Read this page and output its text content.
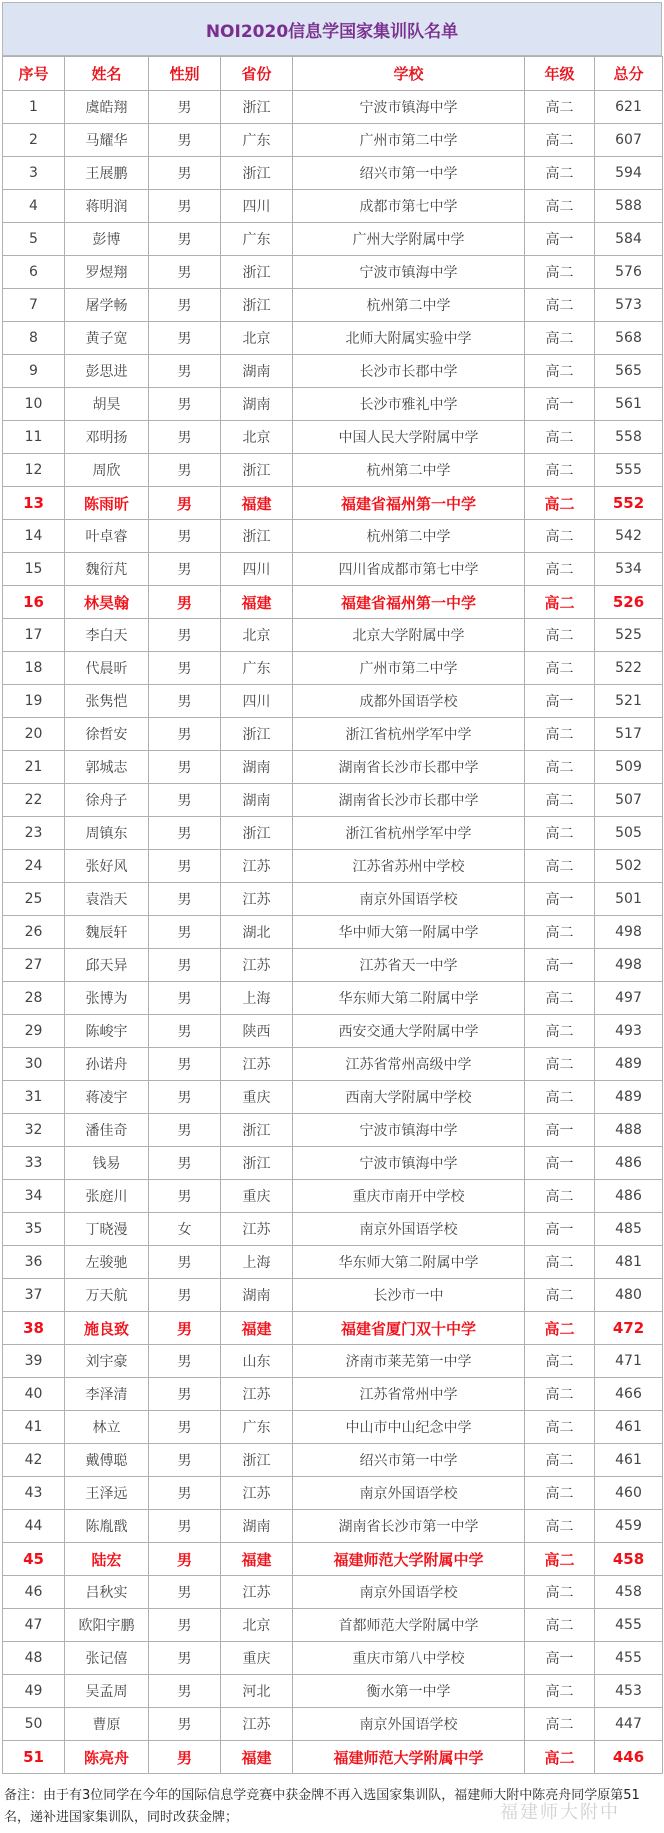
NOI2020信息学国家集训队名单
序号	姓名	性别	省份	学校	年级	总分
1	虞皓翔	男	浙江	宁波市镇海中学	高二	621
2	马耀华	男	广东	广州市第二中学	高二	607
3	王展鹏	男	浙江	绍兴市第一中学	高二	594
4	蒋明润	男	四川	成都市第七中学	高二	588
5	彭博	男	广东	广州大学附属中学	高一	584
6	罗煜翔	男	浙江	宁波市镇海中学	高二	576
7	屠学畅	男	浙江	杭州第二中学	高二	573
8	黄子宽	男	北京	北师大附属实验中学	高二	568
9	彭思进	男	湖南	长沙市长郡中学	高二	565
10	胡昊	男	湖南	长沙市雅礼中学	高一	561
11	邓明扬	男	北京	中国人民大学附属中学	高二	558
12	周欣	男	浙江	杭州第二中学	高二	555
13	陈雨昕	男	福建	福建省福州第一中学	高二	552
14	叶卓睿	男	浙江	杭州第二中学	高二	542
15	魏衍芃	男	四川	四川省成都市第七中学	高二	534
16	林昊翰	男	福建	福建省福州第一中学	高二	526
17	李白天	男	北京	北京大学附属中学	高二	525
18	代晨昕	男	广东	广州市第二中学	高二	522
19	张隽恺	男	四川	成都外国语学校	高一	521
20	徐哲安	男	浙江	浙江省杭州学军中学	高二	517
21	郭城志	男	湖南	湖南省长沙市长郡中学	高二	509
22	徐舟子	男	湖南	湖南省长沙市长郡中学	高二	507
23	周镇东	男	浙江	浙江省杭州学军中学	高二	505
24	张好风	男	江苏	江苏省苏州中学校	高二	502
25	袁浩天	男	江苏	南京外国语学校	高一	501
26	魏辰轩	男	湖北	华中师大第一附属中学	高二	498
27	邱天异	男	江苏	江苏省天一中学	高一	498
28	张博为	男	上海	华东师大第二附属中学	高二	497
29	陈峻宇	男	陕西	西安交通大学附属中学	高二	493
30	孙诺舟	男	江苏	江苏省常州高级中学	高二	489
31	蒋凌宇	男	重庆	西南大学附属中学校	高二	489
32	潘佳奇	男	浙江	宁波市镇海中学	高一	488
33	钱易	男	浙江	宁波市镇海中学	高一	486
34	张庭川	男	重庆	重庆市南开中学校	高二	486
35	丁晓漫	女	江苏	南京外国语学校	高一	485
36	左骏驰	男	上海	华东师大第二附属中学	高二	481
37	万天航	男	湖南	长沙市一中	高二	480
38	施良致	男	福建	福建省厦门双十中学	高二	472
39	刘宇豪	男	山东	济南市莱芜第一中学	高二	471
40	李泽清	男	江苏	江苏省常州中学	高二	466
41	林立	男	广东	中山市中山纪念中学	高二	461
42	戴傅聪	男	浙江	绍兴市第一中学	高二	461
43	王泽远	男	江苏	南京外国语学校	高二	460
44	陈胤戬	男	湖南	湖南省长沙市第一中学	高二	459
45	陆宏	男	福建	福建师范大学附属中学	高二	458
46	吕秋实	男	江苏	南京外国语学校	高二	458
47	欧阳宇鹏	男	北京	首都师范大学附属中学	高二	455
48	张记僖	男	重庆	重庆市第八中学校	高一	455
49	吴孟周	男	河北	衡水第一中学	高二	453
50	曹原	男	江苏	南京外国语学校	高二	447
51	陈亮舟	男	福建	福建师范大学附属中学	高二	446
备注：由于有3位同学在今年的国际信息学竞赛中获金牌不再入选国家集训队，福建师大附中陈亮舟同学原第51名，递补进国家集训队，同时改获金牌；	福建师大附中
